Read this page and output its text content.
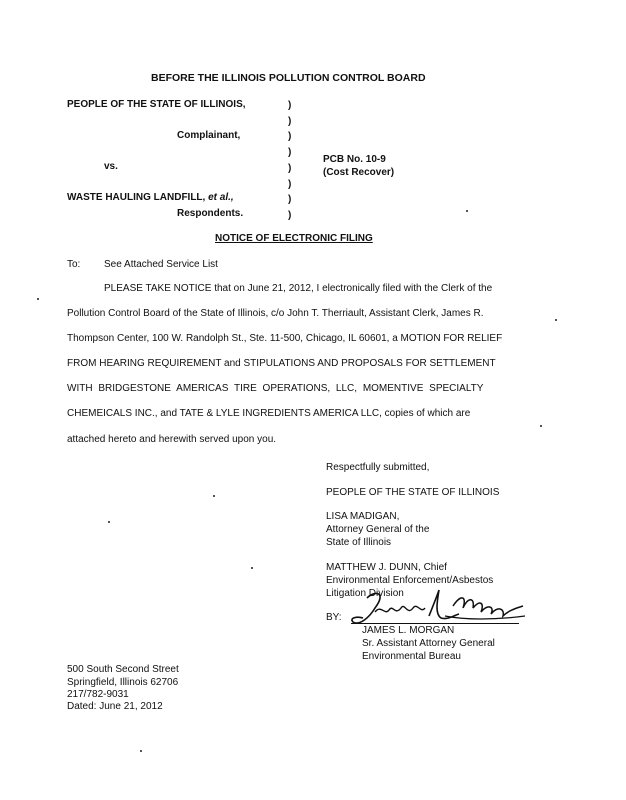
BEFORE THE ILLINOIS POLLUTION CONTROL BOARD
PEOPLE OF THE STATE OF ILLINOIS,
Complainant,
vs.
WASTE HAULING LANDFILL, et al.,
Respondents.
)
)
)
)
)
)
)
)
PCB No. 10-9
(Cost Recover)
NOTICE OF ELECTRONIC FILING
To: See Attached Service List
PLEASE TAKE NOTICE that on June 21, 2012, I electronically filed with the Clerk of the
Pollution Control Board of the State of Illinois, c/o John T. Therriault, Assistant Clerk, James R.
Thompson Center, 100 W. Randolph St., Ste. 11-500, Chicago, IL 60601, a MOTION FOR RELIEF
FROM HEARING REQUIREMENT and STIPULATIONS AND PROPOSALS FOR SETTLEMENT
WITH BRIDGESTONE AMERICAS TIRE OPERATIONS, LLC, MOMENTIVE SPECIALTY
CHEMEICALS INC., and TATE & LYLE INGREDIENTS AMERICA LLC, copies of which are
attached hereto and herewith served upon you.
Respectfully submitted,
PEOPLE OF THE STATE OF ILLINOIS
LISA MADIGAN,
Attorney General of the
State of Illinois
MATTHEW J. DUNN, Chief
Environmental Enforcement/Asbestos
Litigation Division
BY:
JAMES L. MORGAN
Sr. Assistant Attorney General
Environmental Bureau
500 South Second Street
Springfield, Illinois 62706
217/782-9031
Dated: June 21, 2012
